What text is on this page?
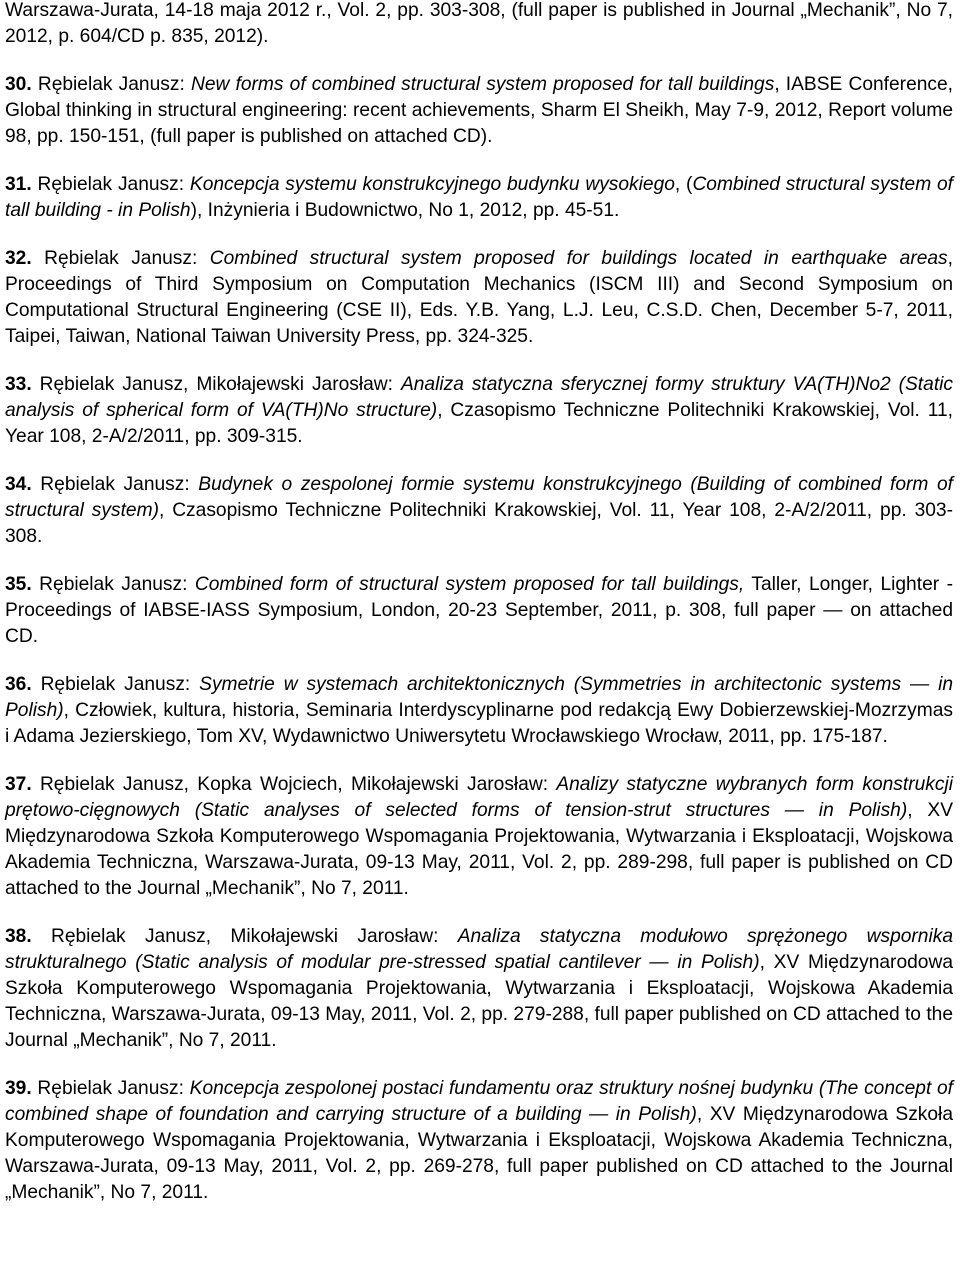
Warszawa-Jurata, 14-18 maja 2012 r., Vol. 2, pp. 303-308, (full paper is published in Journal „Mechanik”, No 7, 2012, p. 604/CD p. 835, 2012).

30. Rębielak Janusz: New forms of combined structural system proposed for tall buildings, IABSE Conference, Global thinking in structural engineering: recent achievements, Sharm El Sheikh, May 7-9, 2012, Report volume 98, pp. 150-151, (full paper is published on attached CD).

31. Rębielak Janusz: Koncepcja systemu konstrukcyjnego budynku wysokiego, (Combined structural system of tall building - in Polish), Inżynieria i Budownictwo, No 1, 2012, pp. 45-51.

32. Rębielak Janusz: Combined structural system proposed for buildings located in earthquake areas, Proceedings of Third Symposium on Computation Mechanics (ISCM III) and Second Symposium on Computational Structural Engineering (CSE II), Eds. Y.B. Yang, L.J. Leu, C.S.D. Chen, December 5-7, 2011, Taipei, Taiwan, National Taiwan University Press, pp. 324-325.

33. Rębielak Janusz, Mikołajewski Jarosław: Analiza statyczna sferycznej formy struktury VA(TH)No2 (Static analysis of spherical form of VA(TH)No structure), Czasopismo Techniczne Politechniki Krakowskiej, Vol. 11, Year 108, 2-A/2/2011, pp. 309-315.

34. Rębielak Janusz: Budynek o zespolonej formie systemu konstrukcyjnego (Building of combined form of structural system), Czasopismo Techniczne Politechniki Krakowskiej, Vol. 11, Year 108, 2-A/2/2011, pp. 303-308.

35. Rębielak Janusz: Combined form of structural system proposed for tall buildings, Taller, Longer, Lighter - Proceedings of IABSE-IASS Symposium, London, 20-23 September, 2011, p. 308, full paper — on attached CD.

36. Rębielak Janusz: Symetrie w systemach architektonicznych (Symmetries in architectonic systems — in Polish), Człowiek, kultura, historia, Seminaria Interdyscyplinarne pod redakcją Ewy Dobierzewskiej-Mozrzymas i Adama Jezierskiego, Tom XV, Wydawnictwo Uniwersytetu Wrocławskiego Wrocław, 2011, pp. 175-187.

37. Rębielak Janusz, Kopka Wojciech, Mikołajewski Jarosław: Analizy statyczne wybranych form konstrukcji prętowo-cięgnowych (Static analyses of selected forms of tension-strut structures — in Polish), XV Międzynarodowa Szkoła Komputerowego Wspomagania Projektowania, Wytwarzania i Eksploatacji, Wojskowa Akademia Techniczna, Warszawa-Jurata, 09-13 May, 2011, Vol. 2, pp. 289-298, full paper is published on CD attached to the Journal „Mechanik”, No 7, 2011.

38. Rębielak Janusz, Mikołajewski Jarosław: Analiza statyczna modułowo sprężonego wspornika strukturalnego (Static analysis of modular pre-stressed spatial cantilever — in Polish), XV Międzynarodowa Szkoła Komputerowego Wspomagania Projektowania, Wytwarzania i Eksploatacji, Wojskowa Akademia Techniczna, Warszawa-Jurata, 09-13 May, 2011, Vol. 2, pp. 279-288, full paper published on CD attached to the Journal „Mechanik”, No 7, 2011.

39. Rębielak Janusz: Koncepcja zespolonej postaci fundamentu oraz struktury nośnej budynku (The concept of combined shape of foundation and carrying structure of a building — in Polish), XV Międzynarodowa Szkoła Komputerowego Wspomagania Projektowania, Wytwarzania i Eksploatacji, Wojskowa Akademia Techniczna, Warszawa-Jurata, 09-13 May, 2011, Vol. 2, pp. 269-278, full paper published on CD attached to the Journal „Mechanik”, No 7, 2011.
